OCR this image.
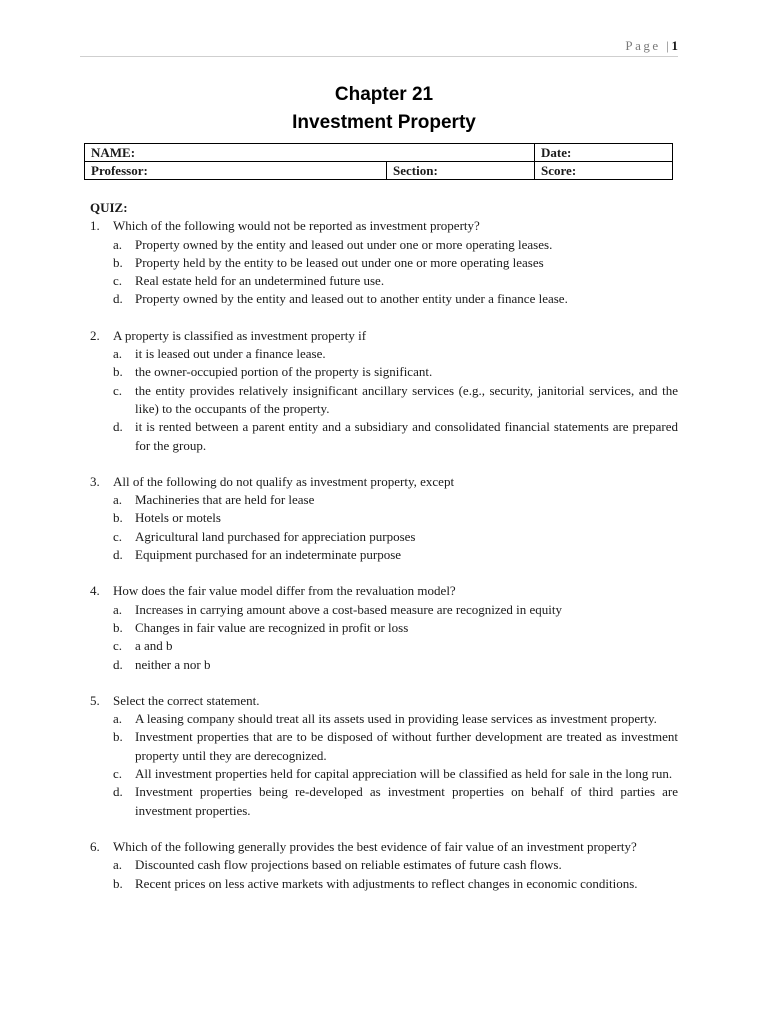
Page |1
Chapter 21
Investment Property
NAME:		Date:
Professor:	Section:	Score:
QUIZ:
1.	Which of the following would not be reported as investment property?
a. Property owned by the entity and leased out under one or more operating leases.
b. Property held by the entity to be leased out under one or more operating leases
c. Real estate held for an undetermined future use.
d. Property owned by the entity and leased out to another entity under a finance lease.
2.	A property is classified as investment property if
a. it is leased out under a finance lease.
b. the owner-occupied portion of the property is significant.
c. the entity provides relatively insignificant ancillary services (e.g., security, janitorial services, and the like) to the occupants of the property.
d. it is rented between a parent entity and a subsidiary and consolidated financial statements are prepared for the group.
3.	All of the following do not qualify as investment property, except
a. Machineries that are held for lease
b. Hotels or motels
c. Agricultural land purchased for appreciation purposes
d. Equipment purchased for an indeterminate purpose
4.	How does the fair value model differ from the revaluation model?
a. Increases in carrying amount above a cost-based measure are recognized in equity
b. Changes in fair value are recognized in profit or loss
c. a and b
d. neither a nor b
5.	Select the correct statement.
a. A leasing company should treat all its assets used in providing lease services as investment property.
b. Investment properties that are to be disposed of without further development are treated as investment property until they are derecognized.
c. All investment properties held for capital appreciation will be classified as held for sale in the long run.
d. Investment properties being re-developed as investment properties on behalf of third parties are investment properties.
6.	Which of the following generally provides the best evidence of fair value of an investment property?
a. Discounted cash flow projections based on reliable estimates of future cash flows.
b. Recent prices on less active markets with adjustments to reflect changes in economic conditions.
